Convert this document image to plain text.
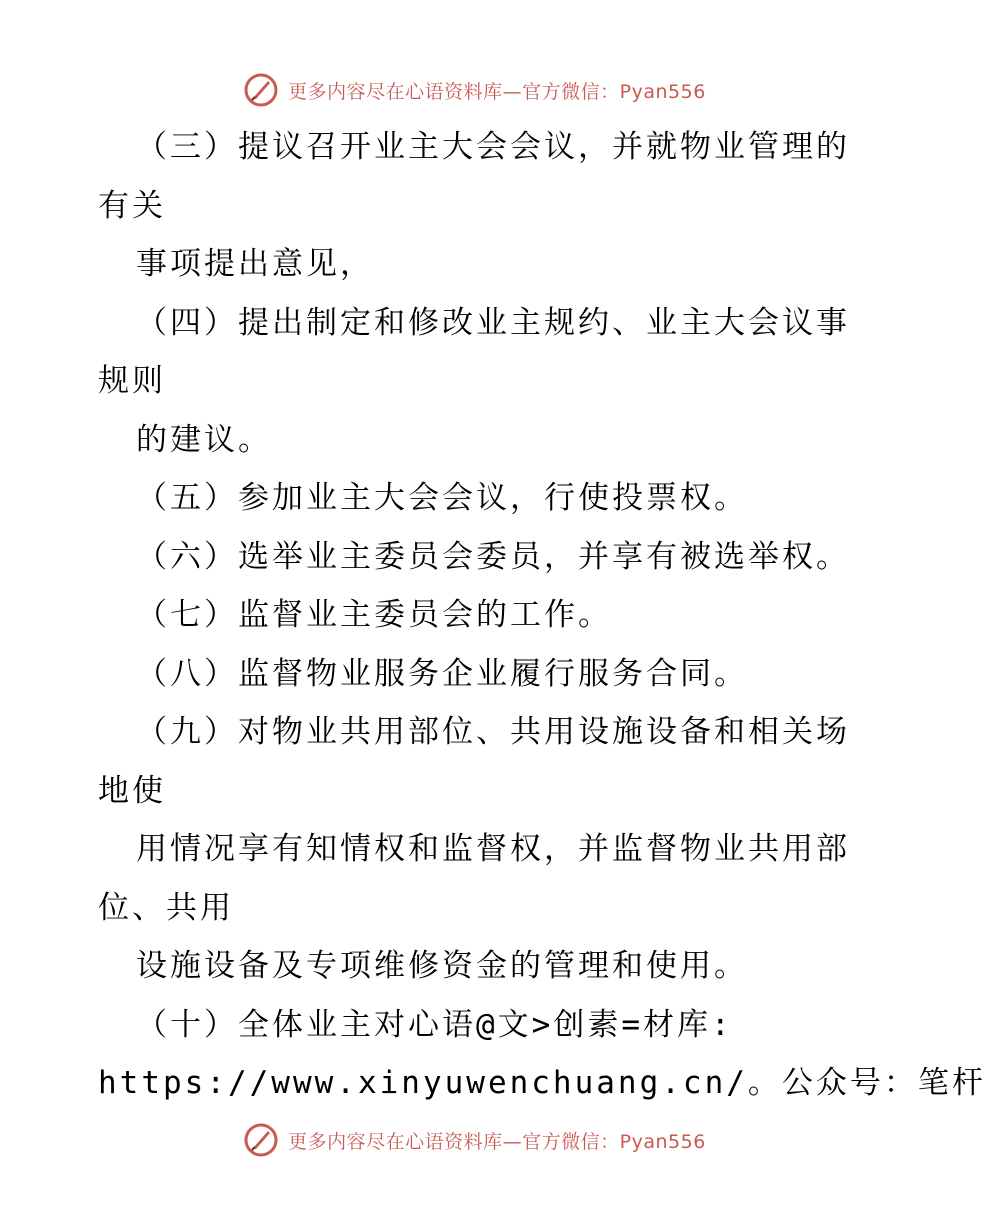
更多内容尽在心语资料库—官方微信：Pyan556
（三）提议召开业主大会会议，并就物业管理的
有关
事项提出意见，
（四）提出制定和修改业主规约、业主大会议事
规则
的建议。
（五）参加业主大会会议，行使投票权。
（六）选举业主委员会委员，并享有被选举权。
（七）监督业主委员会的工作。
（八）监督物业服务企业履行服务合同。
（九）对物业共用部位、共用设施设备和相关场
地使
用情况享有知情权和监督权，并监督物业共用部
位、共用
设施设备及专项维修资金的管理和使用。
（十）全体业主对心语@文>创素=材库:
https://www.xinyuwenchuang.cn/。公众号：笔杆
更多内容尽在心语资料库—官方微信：Pyan556
